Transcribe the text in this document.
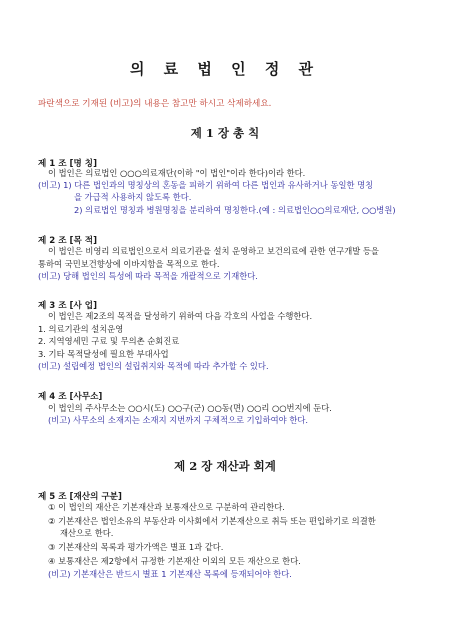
의 료 법 인 정 관

파란색으로 기재된 (비고)의 내용은 참고만 하시고 삭제하세요.

제 1 장 총 칙

제 1 조 [명 칭]

이 법인은 의료법인 ○○○의료재단(이하 "이 법인"이라 한다)이라 한다.

(비고) 1) 다른 법인과의 명칭상의 혼동을 피하기 위하여 다른 법인과 유사하거나 동일한 명칭

을 가급적 사용하지 않도록 한다.

2) 의료법인 명칭과 병원명칭을 분리하여 명칭한다.(예 : 의료법인○○의료재단, ○○병원)

제 2 조 [목 적]

이 법인은 비영리 의료법인으로서 의료기관을 설치 운영하고 보건의료에 관한 연구개발 등을

통하여 국민보건향상에 이바지함을 목적으로 한다.

(비고) 당해 법인의 특성에 따라 목적을 개괄적으로 기재한다.

제 3 조 [사 업]

이 법인은 제2조의 목적을 달성하기 위하여 다음 각호의 사업을 수행한다.

1. 의료기관의 설치운영

2. 지역영세민 구료 및 무의촌 순회진료

3. 기타 목적달성에 필요한 부대사업

(비고) 설립예정 법인의 설립취지와 목적에 따라 추가할 수 있다.

제 4 조 [사무소]

이 법인의 주사무소는 ○○시(도) ○○구(군) ○○동(면) ○○리 ○○번지에 둔다.

(비고) 사무소의 소재지는 소재지 지번까지 구체적으로 기입하여야 한다.

제 2 장 재산과 회계

제 5 조 [재산의 구분]

① 이 법인의 재산은 기본재산과 보통재산으로 구분하여 관리한다.

② 기본재산은 법인소유의 부동산과 이사회에서 기본재산으로 취득 또는 편입하기로 의결한

재산으로 한다.

③ 기본재산의 목록과 평가가액은 별표 1과 같다.

④ 보통재산은 제2항에서 규정한 기본재산 이외의 모든 재산으로 한다.

(비고) 기본재산은 반드시 별표 1 기본재산 목록에 등재되어야 한다.
